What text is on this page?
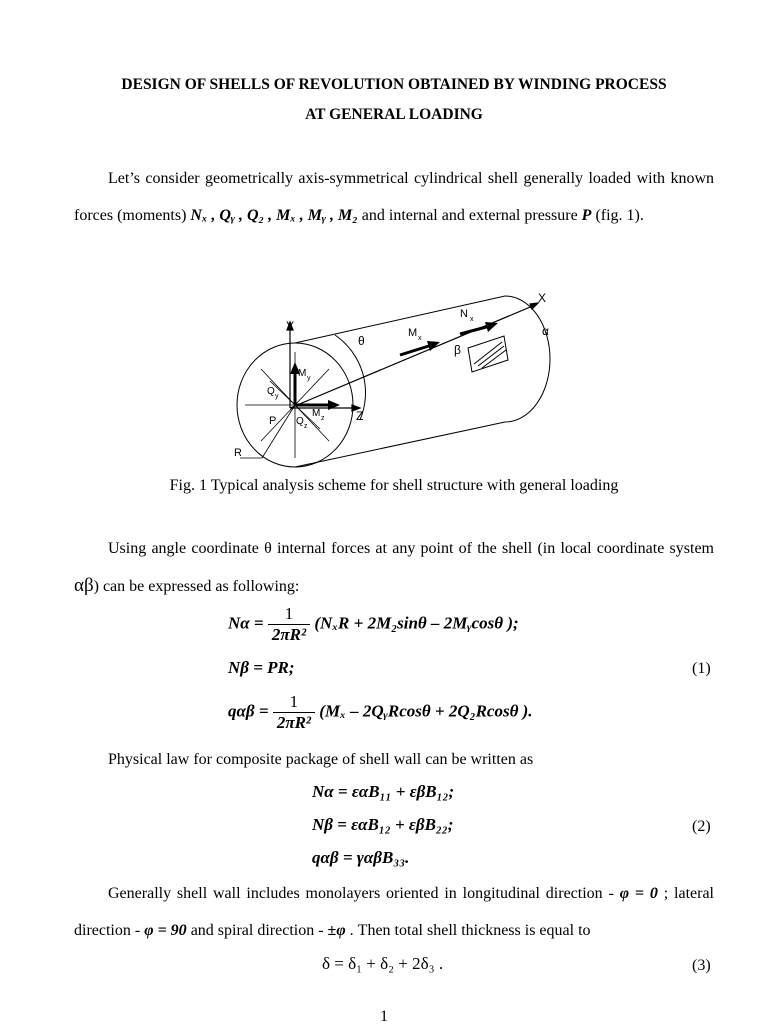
DESIGN OF SHELLS OF REVOLUTION OBTAINED BY WINDING PROCESS
AT GENERAL LOADING
Let’s consider geometrically axis-symmetrical cylindrical shell generally loaded with known forces (moments) Nₓ , Qᵧ , Q₂ , Mₓ , Mᵧ , M₂ and internal and external pressure P (fig. 1).
Y
Z
X
α
β
θ
R
P
Q y
Q z
M y
M z
M x
N x
Fig. 1 Typical analysis scheme for shell structure with general loading
Using angle coordinate θ internal forces at any point of the shell (in local coordinate system αβ) can be expressed as following:
$N\alpha = \frac{1}{\text{2πR²}} (N_xR + 2M_2\sin\theta$ – 2Mᵧcosθ );
Nβ = PR;	(1)
$q\alpha\beta = \frac{1}{\text{2πR²}} (M_x$ – 2QᵧRcosθ + 2Q₂Rcosθ ).
Physical law for composite package of shell wall can be written as
Nα = εαB₁₁ + εβB₁₂;
Nβ = εαB₁₂ + εβB₂₂;	(2)
qαβ = γαβB₃₃.
Generally shell wall includes monolayers oriented in longitudinal direction - φ = 0 ; lateral direction - φ = 90 and spiral direction - ±φ . Then total shell thickness is equal to
δ = δ₁ + δ₂ + 2δ₃ .	(3)
1
